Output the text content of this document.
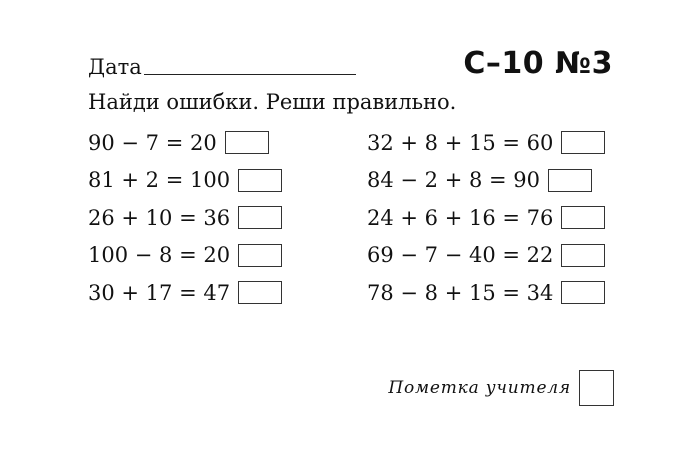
Дата	С–10 №3
Найди ошибки. Реши правильно.
90 − 7 = 20
81 + 2 = 100
26 + 10 = 36
100 − 8 = 20
30 + 17 = 47
32 + 8 + 15 = 60
84 − 2 + 8 = 90
24 + 6 + 16 = 76
69 − 7 − 40 = 22
78 − 8 + 15 = 34
Пометка учителя
